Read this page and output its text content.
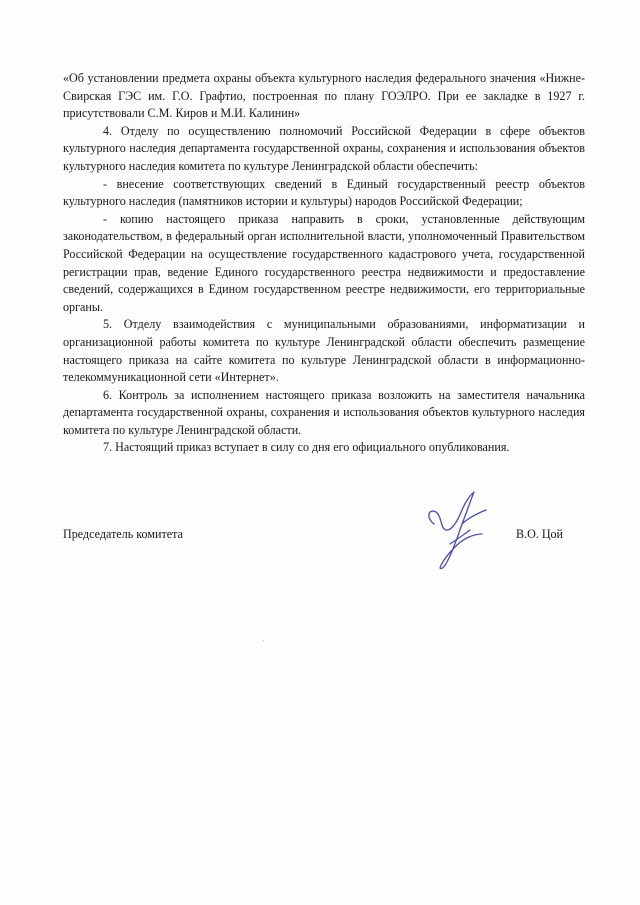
«Об установлении предмета охраны объекта культурного наследия федерального значения «Нижне-Свирская ГЭС им. Г.О. Графтио, построенная по плану ГОЭЛРО. При ее закладке в 1927 г. присутствовали С.М. Киров и М.И. Калинин»

4. Отделу по осуществлению полномочий Российской Федерации в сфере объектов культурного наследия департамента государственной охраны, сохранения и использования объектов культурного наследия комитета по культуре Ленинградской области обеспечить:

- внесение соответствующих сведений в Единый государственный реестр объектов культурного наследия (памятников истории и культуры) народов Российской Федерации;

- копию настоящего приказа направить в сроки, установленные действующим законодательством, в федеральный орган исполнительной власти, уполномоченный Правительством Российской Федерации на осуществление государственного кадастрового учета, государственной регистрации прав, ведение Единого государственного реестра недвижимости и предоставление сведений, содержащихся в Едином государственном реестре недвижимости, его территориальные органы.

5. Отделу взаимодействия с муниципальными образованиями, информатизации и организационной работы комитета по культуре Ленинградской области обеспечить размещение настоящего приказа на сайте комитета по культуре Ленинградской области в информационно-телекоммуникационной сети «Интернет».

6. Контроль за исполнением настоящего приказа возложить на заместителя начальника департамента государственной охраны, сохранения и использования объектов культурного наследия комитета по культуре Ленинградской области.

7. Настоящий приказ вступает в силу со дня его официального опубликования.

Председатель комитета	В.О. Цой
